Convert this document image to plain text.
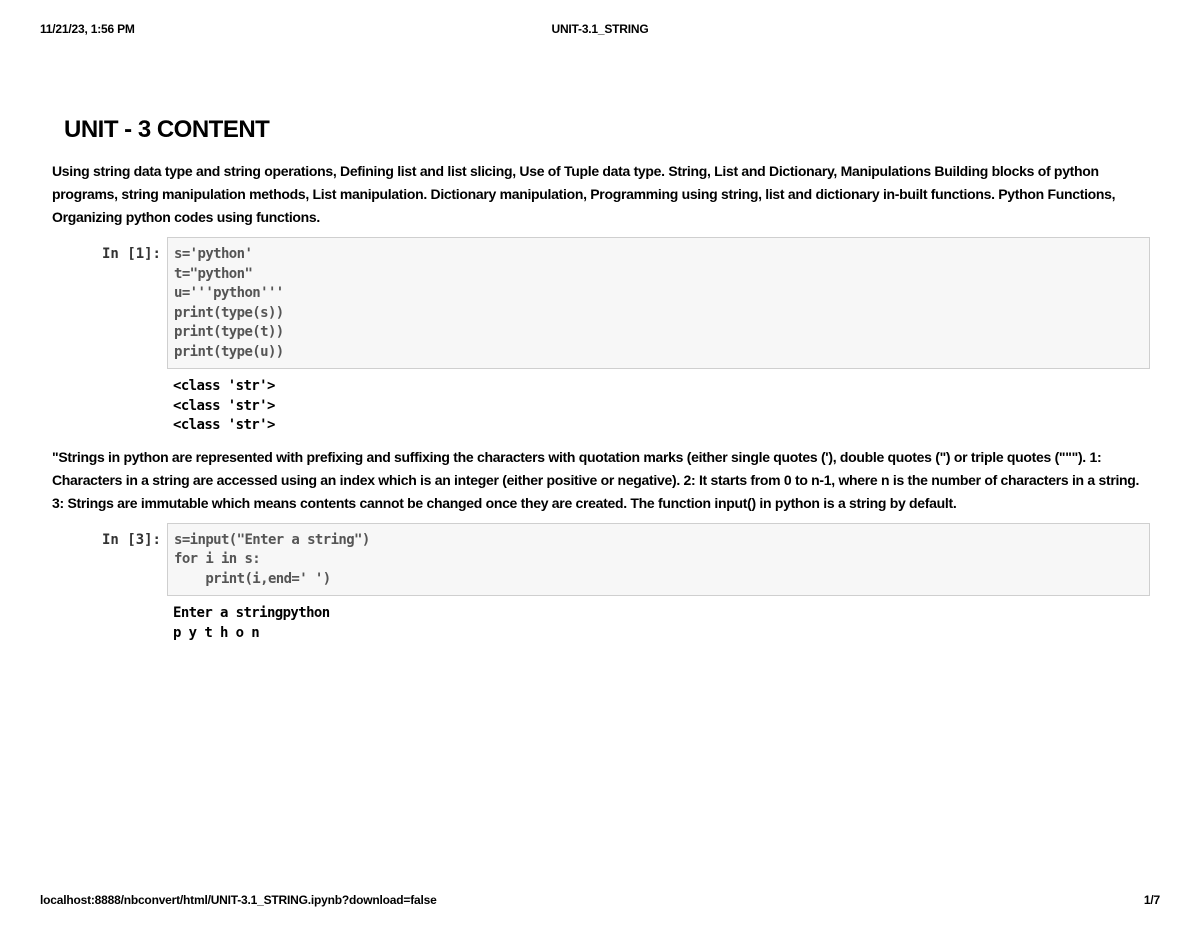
11/21/23, 1:56 PM	UNIT-3.1_STRING
UNIT - 3 CONTENT

Using string data type and string operations, Defining list and list slicing, Use of Tuple data type. String, List and Dictionary, Manipulations Building blocks of python programs, string manipulation methods, List manipulation. Dictionary manipulation, Programming using string, list and dictionary in-built functions. Python Functions, Organizing python codes using functions.

In [1]: s='python'
t="python"
u='''python'''
print(type(s))
print(type(t))
print(type(u))
<class 'str'>
<class 'str'>
<class 'str'>

"Strings in python are represented with prefixing and suffixing the characters with quotation marks (either single quotes ('), double quotes (") or triple quotes ("""). 1: Characters in a string are accessed using an index which is an integer (either positive or negative). 2: It starts from 0 to n-1, where n is the number of characters in a string. 3: Strings are immutable which means contents cannot be changed once they are created. The function input() in python is a string by default.

In [3]: s=input("Enter a string")
for i in s:
print(i,end=' ')
Enter a stringpython
p y t h o n
localhost:8888/nbconvert/html/UNIT-3.1_STRING.ipynb?download=false	1/7
